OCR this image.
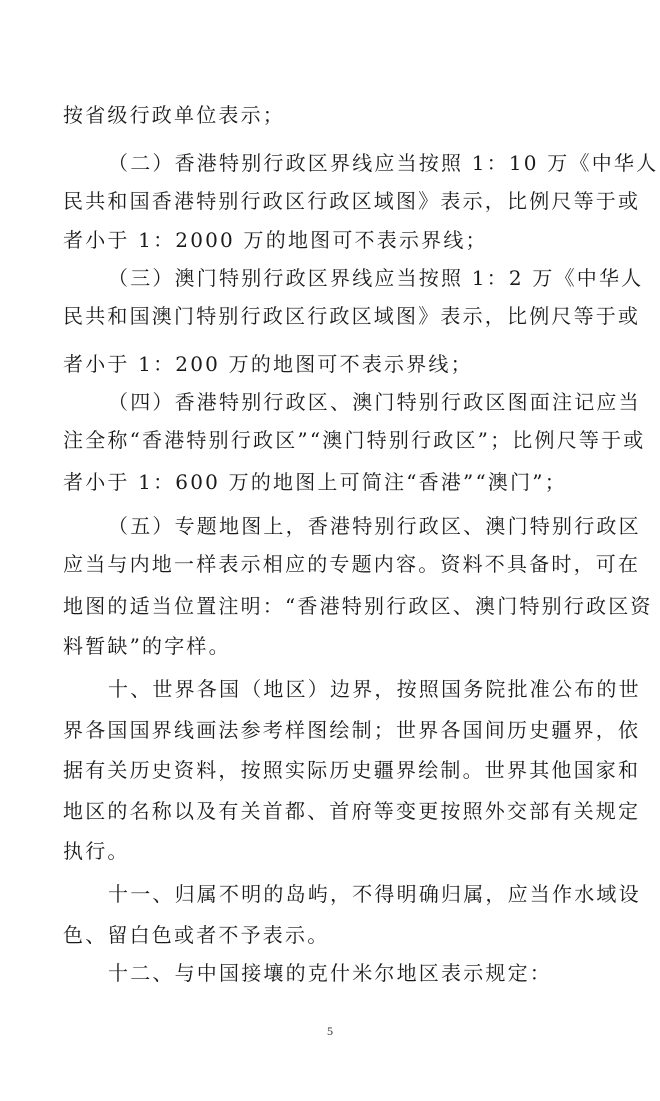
按省级行政单位表示；
（二）香港特别行政区界线应当按照 1：10 万《中华人
民共和国香港特别行政区行政区域图》表示，比例尺等于或
者小于 1：2000 万的地图可不表示界线；
（三）澳门特别行政区界线应当按照 1：2 万《中华人
民共和国澳门特别行政区行政区域图》表示，比例尺等于或
者小于 1：200 万的地图可不表示界线；
（四）香港特别行政区、澳门特别行政区图面注记应当
注全称“香港特别行政区”“澳门特别行政区”；比例尺等于或
者小于 1：600 万的地图上可简注“香港”“澳门”；
（五）专题地图上，香港特别行政区、澳门特别行政区
应当与内地一样表示相应的专题内容。资料不具备时，可在
地图的适当位置注明：“香港特别行政区、澳门特别行政区资
料暂缺”的字样。
十、世界各国（地区）边界，按照国务院批准公布的世
界各国国界线画法参考样图绘制；世界各国间历史疆界，依
据有关历史资料，按照实际历史疆界绘制。世界其他国家和
地区的名称以及有关首都、首府等变更按照外交部有关规定
执行。
十一、归属不明的岛屿，不得明确归属，应当作水域设
色、留白色或者不予表示。
十二、与中国接壤的克什米尔地区表示规定：
5
